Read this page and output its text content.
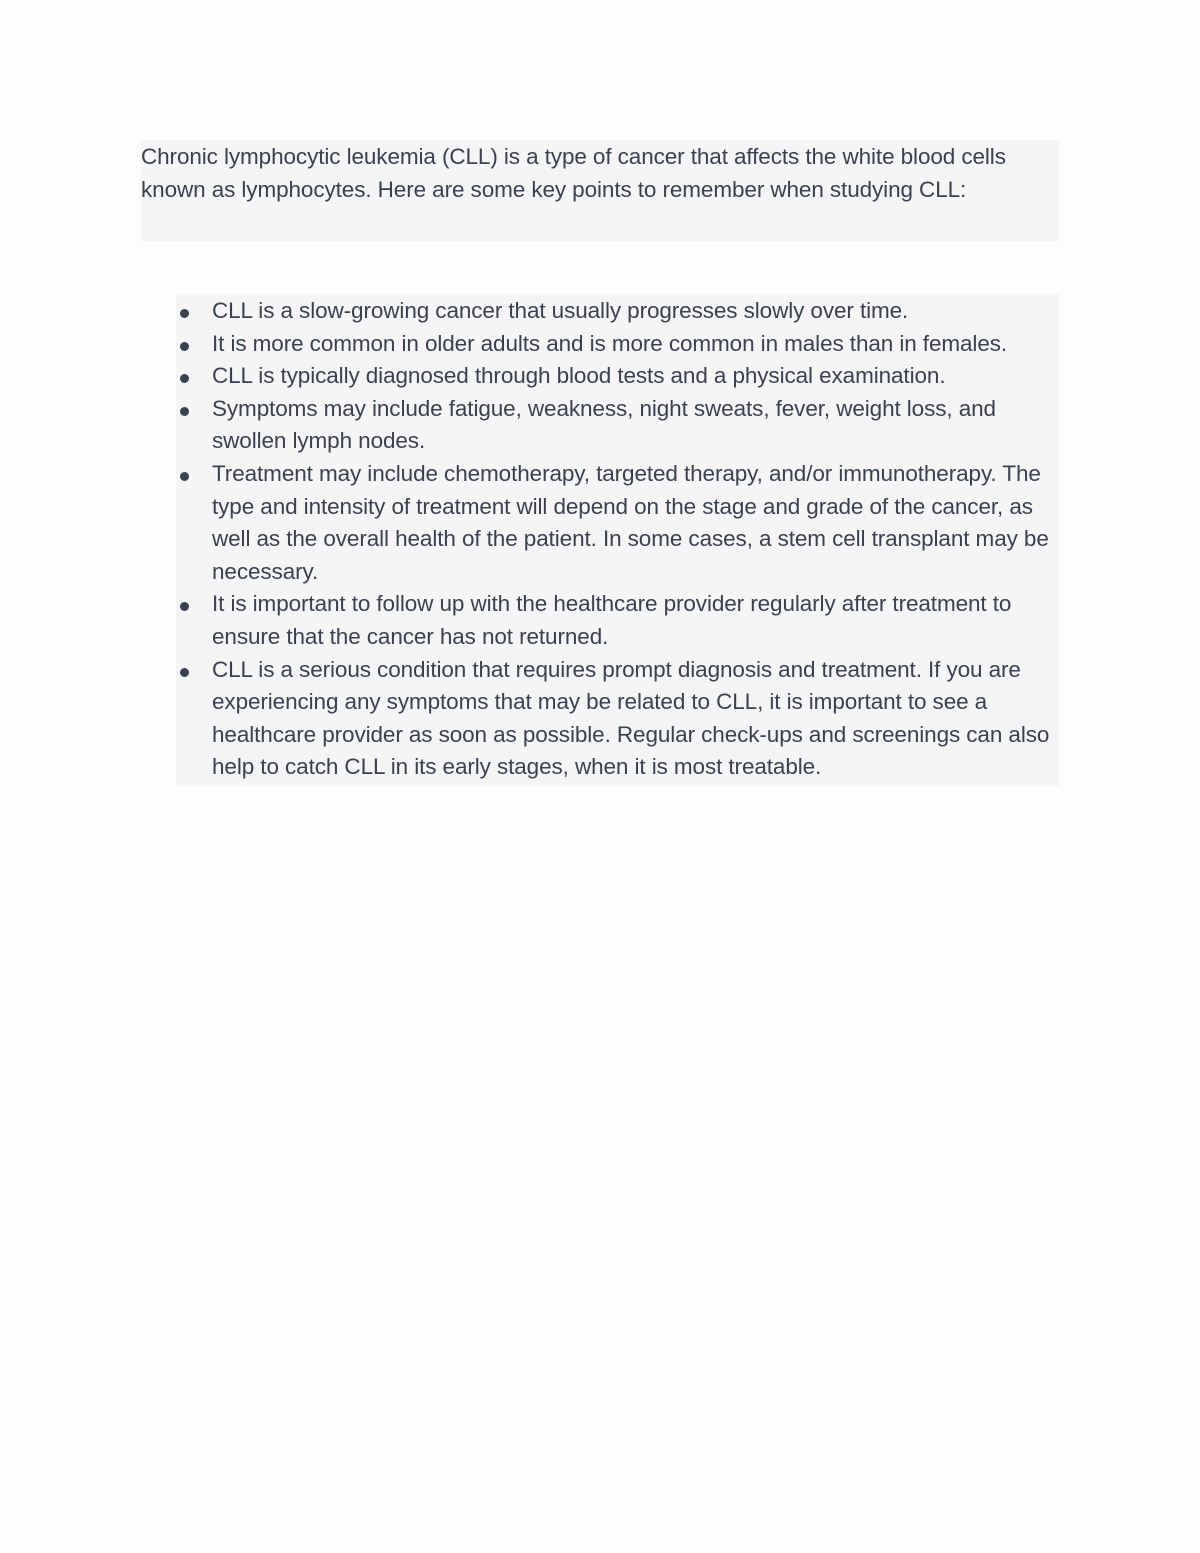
Chronic lymphocytic leukemia (CLL) is a type of cancer that affects the white blood cells known as lymphocytes. Here are some key points to remember when studying CLL:
CLL is a slow-growing cancer that usually progresses slowly over time.
It is more common in older adults and is more common in males than in females.
CLL is typically diagnosed through blood tests and a physical examination.
Symptoms may include fatigue, weakness, night sweats, fever, weight loss, and swollen lymph nodes.
Treatment may include chemotherapy, targeted therapy, and/or immunotherapy. The type and intensity of treatment will depend on the stage and grade of the cancer, as well as the overall health of the patient. In some cases, a stem cell transplant may be necessary.
It is important to follow up with the healthcare provider regularly after treatment to ensure that the cancer has not returned.
CLL is a serious condition that requires prompt diagnosis and treatment. If you are experiencing any symptoms that may be related to CLL, it is important to see a healthcare provider as soon as possible. Regular check-ups and screenings can also help to catch CLL in its early stages, when it is most treatable.
